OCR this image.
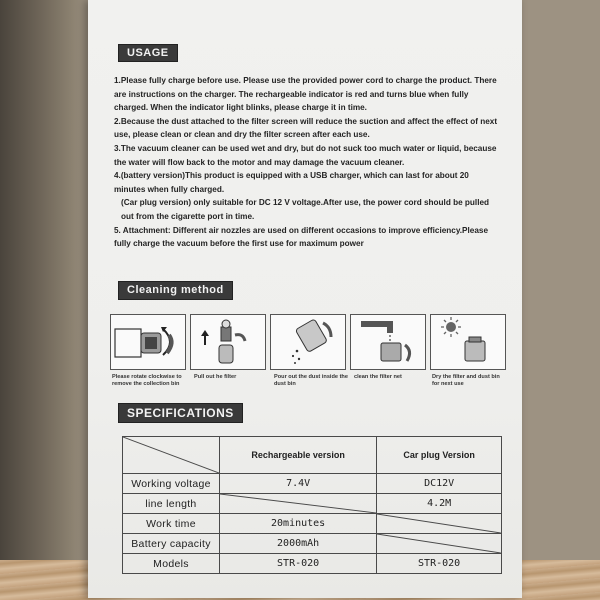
USAGE

1.Please fully charge before use. Please use the provided power cord to charge the product. There are instructions on the charger. The rechargeable indicator is red and turns blue when fully charged. When the indicator light blinks, please charge it in time.

2.Because the dust attached to the filter screen will reduce the suction and affect the effect of next use, please clean or clean and dry the filter screen after each use.

3.The vacuum cleaner can be used wet and dry, but do not suck too much water or liquid, because the water will flow back to the motor and may damage the vacuum cleaner.

4.(battery version)This product is equipped with a USB charger, which can last for about 20 minutes when fully charged.

(Car plug version) only suitable for DC 12 V voltage.After use, the power cord should be pulled out from the cigarette port in time.

5. Attachment: Different air nozzles are used on different occasions to improve efficiency.Please fully charge the vacuum before the first use for maximum power

Cleaning method
Please rotate clockwise to remove the collection bin
Pull out he filter	Pour out the dust inside the dust bin
clean the filter net	Dry the filter and dust bin for next use
SPECIFICATIONS
	Rechargeable version	Car plug Version
Working voltage	7.4V	DC12V
line length		4.2M
Work time	20minutes	

Battery capacity	2000mAh	

Models	STR-020	STR-020
